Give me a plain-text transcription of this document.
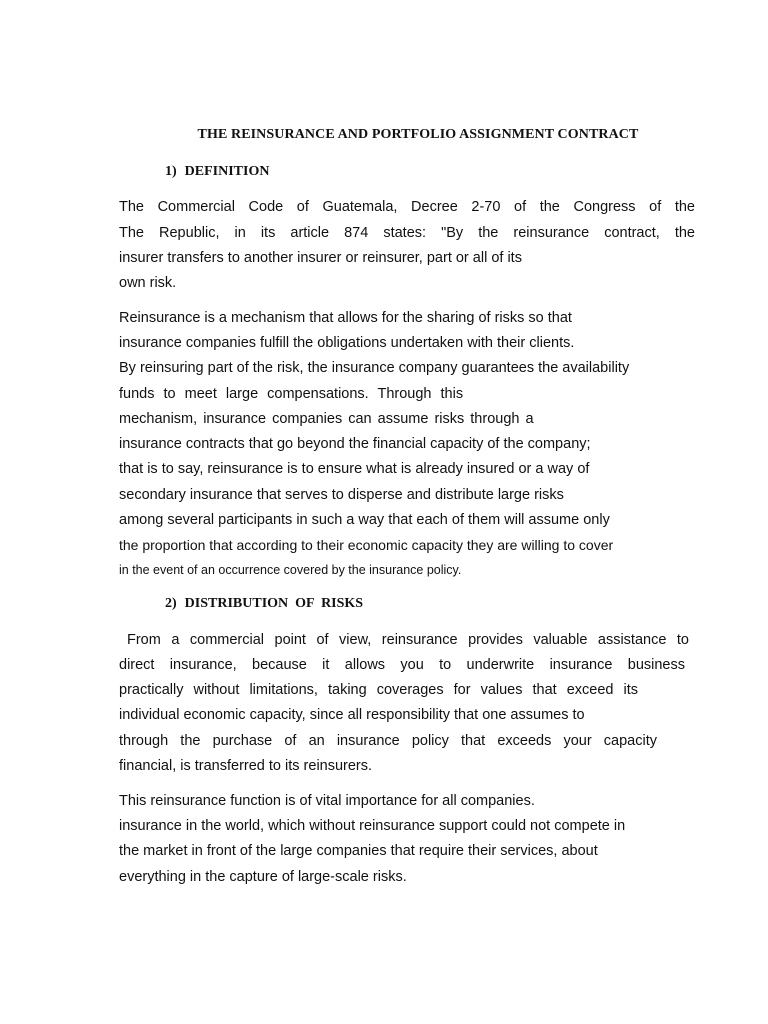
THE REINSURANCE AND PORTFOLIO ASSIGNMENT CONTRACT
1) DEFINITION
The Commercial Code of Guatemala, Decree 2-70 of the Congress of the
The Republic, in its article 874 states: "By the reinsurance contract, the
insurer transfers to another insurer or reinsurer, part or all of its
own risk.
Reinsurance is a mechanism that allows for the sharing of risks so that
insurance companies fulfill the obligations undertaken with their clients.
By reinsuring part of the risk, the insurance company guarantees the availability
funds to meet large compensations. Through this
mechanism, insurance companies can assume risks through a
insurance contracts that go beyond the financial capacity of the company;
that is to say, reinsurance is to ensure what is already insured or a way of
secondary insurance that serves to disperse and distribute large risks
among several participants in such a way that each of them will assume only
the proportion that according to their economic capacity they are willing to cover
in the event of an occurrence covered by the insurance policy.
2) DISTRIBUTION  OF  RISKS
From a commercial point of view, reinsurance provides valuable assistance to
direct insurance, because it allows you to underwrite insurance business
practically without limitations, taking coverages for values that exceed its
individual economic capacity, since all responsibility that one assumes to
through the purchase of an insurance policy that exceeds your capacity
financial, is transferred to its reinsurers.
This reinsurance function is of vital importance for all companies.
insurance in the world, which without reinsurance support could not compete in
the market in front of the large companies that require their services, about
everything in the capture of large-scale risks.
